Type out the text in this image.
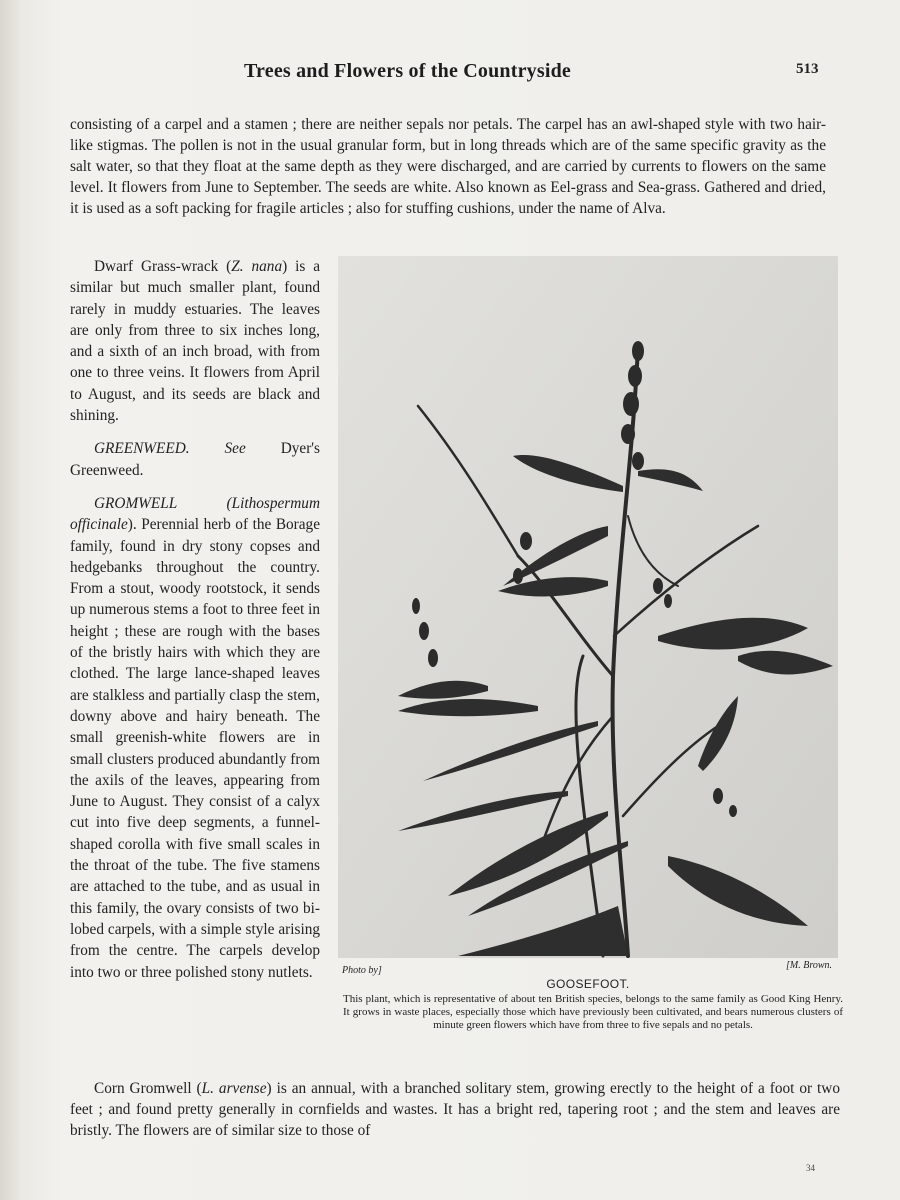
Trees and Flowers of the Countryside	513
consisting of a carpel and a stamen ; there are neither sepals nor petals. The carpel has an awl-shaped style with two hair-like stigmas. The pollen is not in the usual granular form, but in long threads which are of the same specific gravity as the salt water, so that they float at the same depth as they were discharged, and are carried by currents to flowers on the same level. It flowers from June to September. The seeds are white. Also known as Eel-grass and Sea-grass. Gathered and dried, it is used as a soft packing for fragile articles ; also for stuffing cushions, under the name of Alva.

Dwarf Grass-wrack (Z. nana) is a similar but much smaller plant, found rarely in muddy estuaries. The leaves are only from three to six inches long, and a sixth of an inch broad, with from one to three veins. It flowers from April to August, and its seeds are black and shining.

GREENWEED. See Dyer's Greenweed.

GROMWELL (Lithospermum officinale). Perennial herb of the Borage family, found in dry stony copses and hedgebanks throughout the country. From a stout, woody rootstock, it sends up numerous stems a foot to three feet in height ; these are rough with the bases of the bristly hairs with which they are clothed. The large lance-shaped leaves are stalkless and partially clasp the stem, downy above and hairy beneath. The small greenish-white flowers are in small clusters produced abundantly from the axils of the leaves, appearing from June to August. They consist of a calyx cut into five deep segments, a funnel-shaped corolla with five small scales in the throat of the tube. The five stamens are attached to the tube, and as usual in this family, the ovary consists of two bi-lobed carpels, with a simple style arising from the centre. The carpels develop into two or three polished stony nutlets.	Photo by]	[M. Brown.
GOOSEFOOT.
This plant, which is representative of about ten British species, belongs to the same family as Good King Henry. It grows in waste places, especially those which have previously been cultivated, and bears numerous clusters of minute green flowers which have from three to five sepals and no petals.

Corn Gromwell (L. arvense) is an annual, with a branched solitary stem, growing erectly to the height of a foot or two feet ; and found pretty generally in cornfields and wastes. It has a bright red, tapering root ; and the stem and leaves are bristly. The flowers are of similar size to those of

34
